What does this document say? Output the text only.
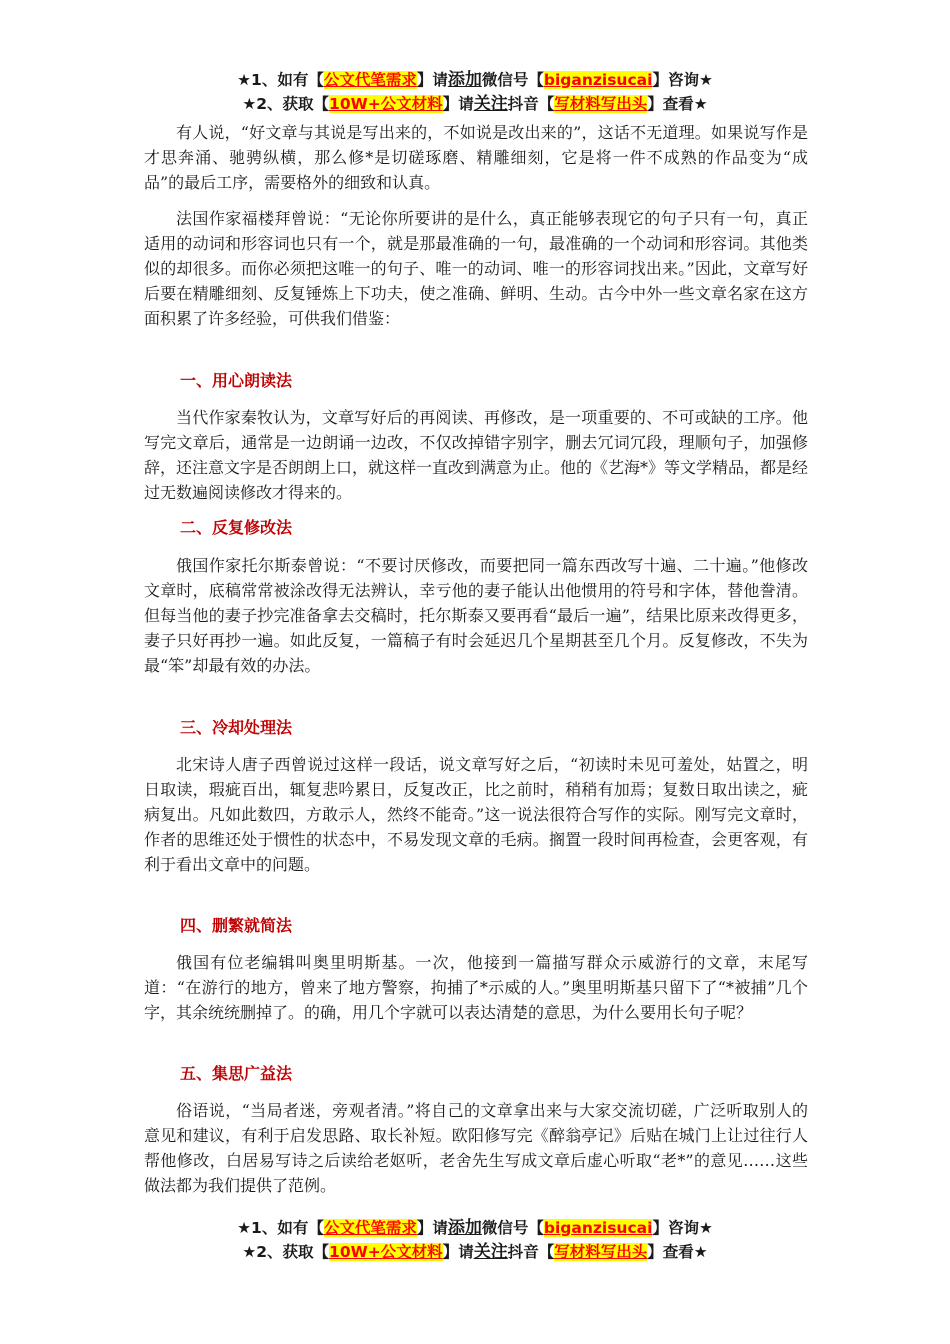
★1、如有【公文代笔需求】请添加微信号【biganzisucai】咨询★
★2、获取【10W+公文材料】请关注抖音【写材料写出头】查看★

有人说，“好文章与其说是写出来的，不如说是改出来的”，这话不无道理。如果说写作是才思奔涌、驰骋纵横，那么修*是切磋琢磨、精雕细刻，它是将一件不成熟的作品变为“成品”的最后工序，需要格外的细致和认真。

法国作家福楼拜曾说：“无论你所要讲的是什么，真正能够表现它的句子只有一句，真正适用的动词和形容词也只有一个，就是那最准确的一句，最准确的一个动词和形容词。其他类似的却很多。而你必须把这唯一的句子、唯一的动词、唯一的形容词找出来。”因此，文章写好后要在精雕细刻、反复锤炼上下功夫，使之准确、鲜明、生动。古今中外一些文章名家在这方面积累了许多经验，可供我们借鉴：

一、用心朗读法

当代作家秦牧认为，文章写好后的再阅读、再修改，是一项重要的、不可或缺的工序。他写完文章后，通常是一边朗诵一边改，不仅改掉错字别字，删去冗词冗段，理顺句子，加强修辞，还注意文字是否朗朗上口，就这样一直改到满意为止。他的《艺海*》等文学精品，都是经过无数遍阅读修改才得来的。

二、反复修改法

俄国作家托尔斯泰曾说：“不要讨厌修改，而要把同一篇东西改写十遍、二十遍。”他修改文章时，底稿常常被涂改得无法辨认，幸亏他的妻子能认出他惯用的符号和字体，替他誊清。但每当他的妻子抄完准备拿去交稿时，托尔斯泰又要再看“最后一遍”，结果比原来改得更多，妻子只好再抄一遍。如此反复，一篇稿子有时会延迟几个星期甚至几个月。反复修改，不失为最“笨”却最有效的办法。

三、冷却处理法

北宋诗人唐子西曾说过这样一段话，说文章写好之后，“初读时未见可羞处，姑置之，明日取读，瑕疵百出，辄复悲吟累日，反复改正，比之前时，稍稍有加焉；复数日取出读之，疵病复出。凡如此数四，方敢示人，然终不能奇。”这一说法很符合写作的实际。刚写完文章时，作者的思维还处于惯性的状态中，不易发现文章的毛病。搁置一段时间再检查，会更客观，有利于看出文章中的问题。

四、删繁就简法

俄国有位老编辑叫奥里明斯基。一次，他接到一篇描写群众示威游行的文章，末尾写道：“在游行的地方，曾来了地方警察，拘捕了*示威的人。”奥里明斯基只留下了“*被捕”几个字，其余统统删掉了。的确，用几个字就可以表达清楚的意思，为什么要用长句子呢？

五、集思广益法

俗语说，“当局者迷，旁观者清。”将自己的文章拿出来与大家交流切磋，广泛听取别人的意见和建议，有利于启发思路、取长补短。欧阳修写完《醉翁亭记》后贴在城门上让过往行人帮他修改，白居易写诗之后读给老妪听，老舍先生写成文章后虚心听取“老*”的意见……这些做法都为我们提供了范例。

★1、如有【公文代笔需求】请添加微信号【biganzisucai】咨询★
★2、获取【10W+公文材料】请关注抖音【写材料写出头】查看★
